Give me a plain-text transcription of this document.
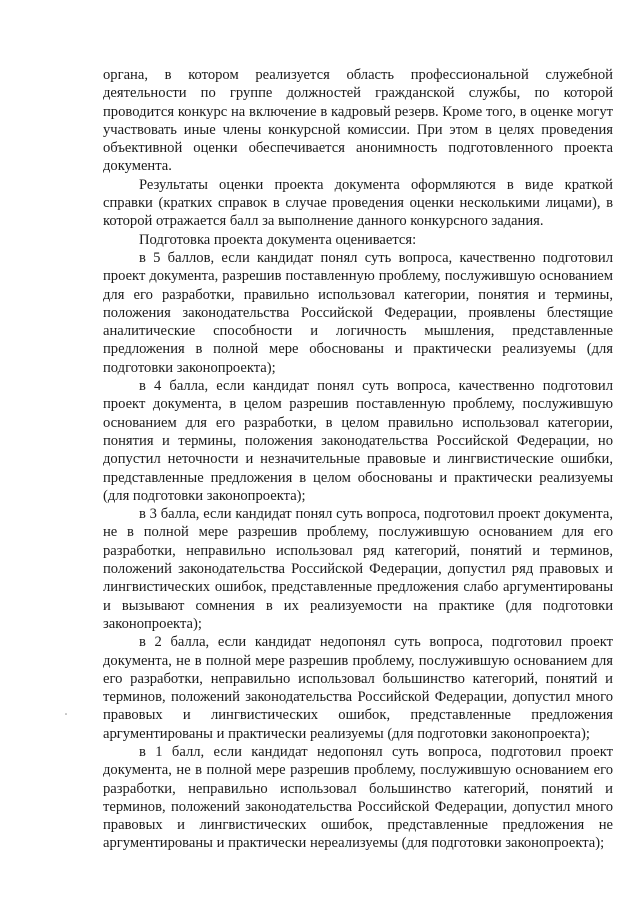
органа, в котором реализуется область профессиональной служебной деятельности по группе должностей гражданской службы, по которой проводится конкурс на включение в кадровый резерв. Кроме того, в оценке могут участвовать иные члены конкурсной комиссии. При этом в целях проведения объективной оценки обеспечивается анонимность подготовленного проекта документа.

Результаты оценки проекта документа оформляются в виде краткой справки (кратких справок в случае проведения оценки несколькими лицами), в которой отражается балл за выполнение данного конкурсного задания.

Подготовка проекта документа оценивается:

в 5 баллов, если кандидат понял суть вопроса, качественно подготовил проект документа, разрешив поставленную проблему, послужившую основанием для его разработки, правильно использовал категории, понятия и термины, положения законодательства Российской Федерации, проявлены блестящие аналитические способности и логичность мышления, представленные предложения в полной мере обоснованы и практически реализуемы (для подготовки законопроекта);

в 4 балла, если кандидат понял суть вопроса, качественно подготовил проект документа, в целом разрешив поставленную проблему, послужившую основанием для его разработки, в целом правильно использовал категории, понятия и термины, положения законодательства Российской Федерации, но допустил неточности и незначительные правовые и лингвистические ошибки, представленные предложения в целом обоснованы и практически реализуемы (для подготовки законопроекта);

в 3 балла, если кандидат понял суть вопроса, подготовил проект документа, не в полной мере разрешив проблему, послужившую основанием для его разработки, неправильно использовал ряд категорий, понятий и терминов, положений законодательства Российской Федерации, допустил ряд правовых и лингвистических ошибок, представленные предложения слабо аргументированы и вызывают сомнения в их реализуемости на практике (для подготовки законопроекта);

в 2 балла, если кандидат недопонял суть вопроса, подготовил проект документа, не в полной мере разрешив проблему, послужившую основанием для его разработки, неправильно использовал большинство категорий, понятий и терминов, положений законодательства Российской Федерации, допустил много правовых и лингвистических ошибок, представленные предложения аргументированы и практически реализуемы (для подготовки законопроекта);

в 1 балл, если кандидат недопонял суть вопроса, подготовил проект документа, не в полной мере разрешив проблему, послужившую основанием его разработки, неправильно использовал большинство категорий, понятий и терминов, положений законодательства Российской Федерации, допустил много правовых и лингвистических ошибок, представленные предложения не аргументированы и практически нереализуемы (для подготовки законопроекта);
